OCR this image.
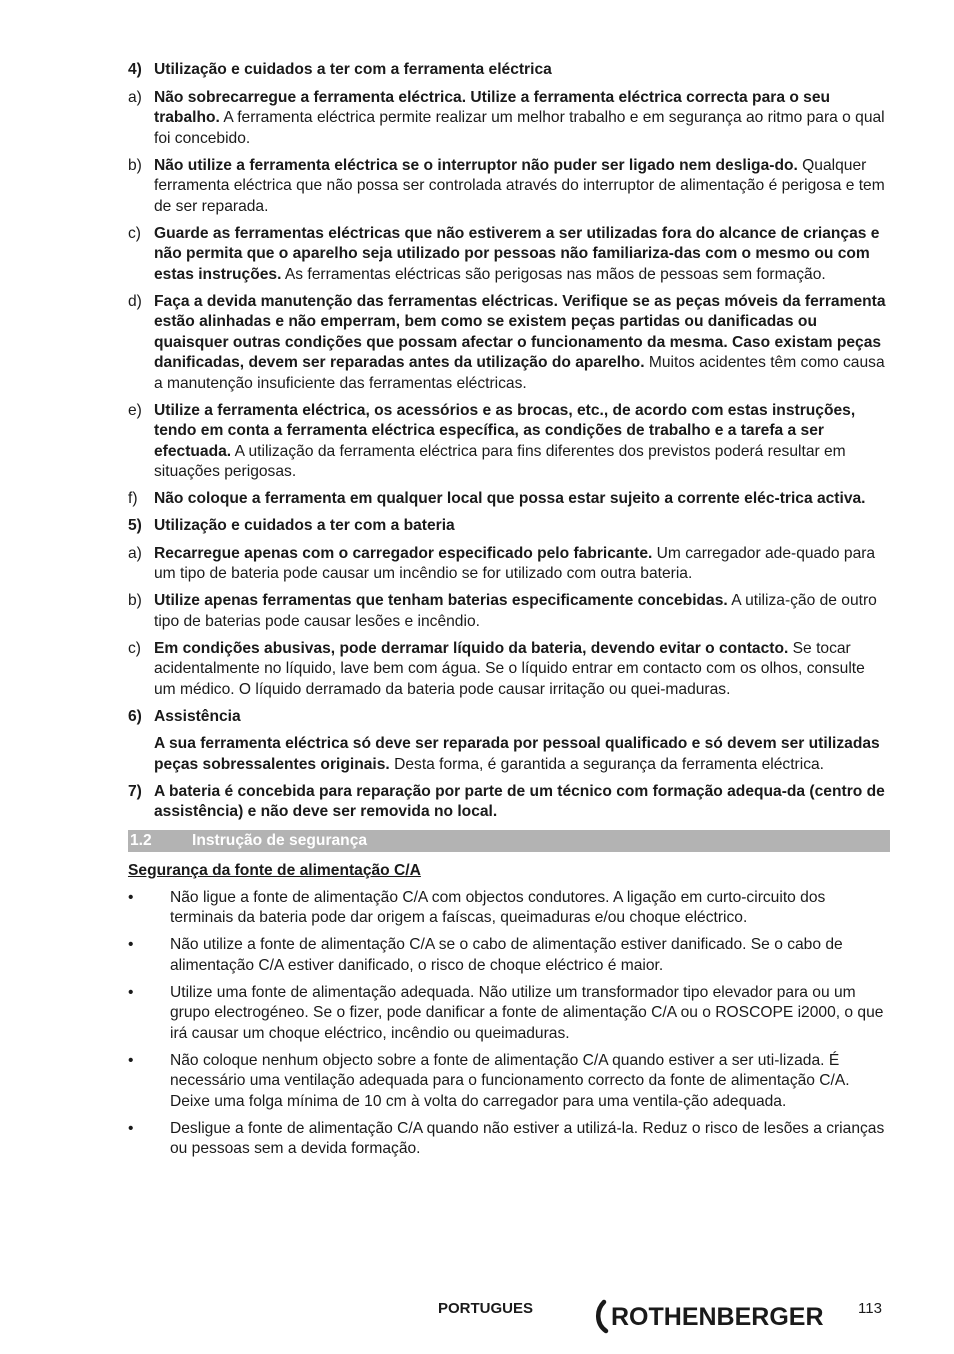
4) Utilização e cuidados a ter com a ferramenta eléctrica
a) Não sobrecarregue a ferramenta eléctrica. Utilize a ferramenta eléctrica correcta para o seu trabalho. A ferramenta eléctrica permite realizar um melhor trabalho e em segurança ao ritmo para o qual foi concebido.
b) Não utilize a ferramenta eléctrica se o interruptor não puder ser ligado nem desliga-do. Qualquer ferramenta eléctrica que não possa ser controlada através do interruptor de alimentação é perigosa e tem de ser reparada.
c) Guarde as ferramentas eléctricas que não estiverem a ser utilizadas fora do alcance de crianças e não permita que o aparelho seja utilizado por pessoas não familiariza-das com o mesmo ou com estas instruções. As ferramentas eléctricas são perigosas nas mãos de pessoas sem formação.
d) Faça a devida manutenção das ferramentas eléctricas. Verifique se as peças móveis da ferramenta estão alinhadas e não emperram, bem como se existem peças partidas ou danificadas ou quaisquer outras condições que possam afectar o funcionamento da mesma. Caso existam peças danificadas, devem ser reparadas antes da utilização do aparelho. Muitos acidentes têm como causa a manutenção insuficiente das ferramentas eléctricas.
e) Utilize a ferramenta eléctrica, os acessórios e as brocas, etc., de acordo com estas instruções, tendo em conta a ferramenta eléctrica específica, as condições de trabalho e a tarefa a ser efectuada. A utilização da ferramenta eléctrica para fins diferentes dos previstos poderá resultar em situações perigosas.
f)	Não coloque a ferramenta em qualquer local que possa estar sujeito a corrente eléc-trica activa.
5) Utilização e cuidados a ter com a bateria
a) Recarregue apenas com o carregador especificado pelo fabricante. Um carregador ade-quado para um tipo de bateria pode causar um incêndio se for utilizado com outra bateria.
b) Utilize apenas ferramentas que tenham baterias especificamente concebidas. A utiliza-ção de outro tipo de baterias pode causar lesões e incêndio.
c) Em condições abusivas, pode derramar líquido da bateria, devendo evitar o contacto. Se tocar acidentalmente no líquido, lave bem com água. Se o líquido entrar em contacto com os olhos, consulte um médico. O líquido derramado da bateria pode causar irritação ou quei-maduras.
6) Assistência
A sua ferramenta eléctrica só deve ser reparada por pessoal qualificado e só devem ser utilizadas peças sobressalentes originais. Desta forma, é garantida a segurança da ferramenta eléctrica.
7) A bateria é concebida para reparação por parte de um técnico com formação adequa-da (centro de assistência) e não deve ser removida no local.
1.2	Instrução de segurança
Segurança da fonte de alimentação C/A
•	Não ligue a fonte de alimentação C/A com objectos condutores. A ligação em curto-circuito dos terminais da bateria pode dar origem a faíscas, queimaduras e/ou choque eléctrico.
•	Não utilize a fonte de alimentação C/A se o cabo de alimentação estiver danificado. Se o cabo de alimentação C/A estiver danificado, o risco de choque eléctrico é maior.
•	Utilize uma fonte de alimentação adequada. Não utilize um transformador tipo elevador para ou um grupo electrogéneo. Se o fizer, pode danificar a fonte de alimentação C/A ou o ROSCOPE i2000, o que irá causar um choque eléctrico, incêndio ou queimaduras.
•	Não coloque nenhum objecto sobre a fonte de alimentação C/A quando estiver a ser uti-lizada. É necessário uma ventilação adequada para o funcionamento correcto da fonte de alimentação C/A. Deixe uma folga mínima de 10 cm à volta do carregador para uma ventila-ção adequada.
•	Desligue a fonte de alimentação C/A quando não estiver a utilizá-la. Reduz o risco de lesões a crianças ou pessoas sem a devida formação.
PORTUGUES	ROTHENBERGER 113
